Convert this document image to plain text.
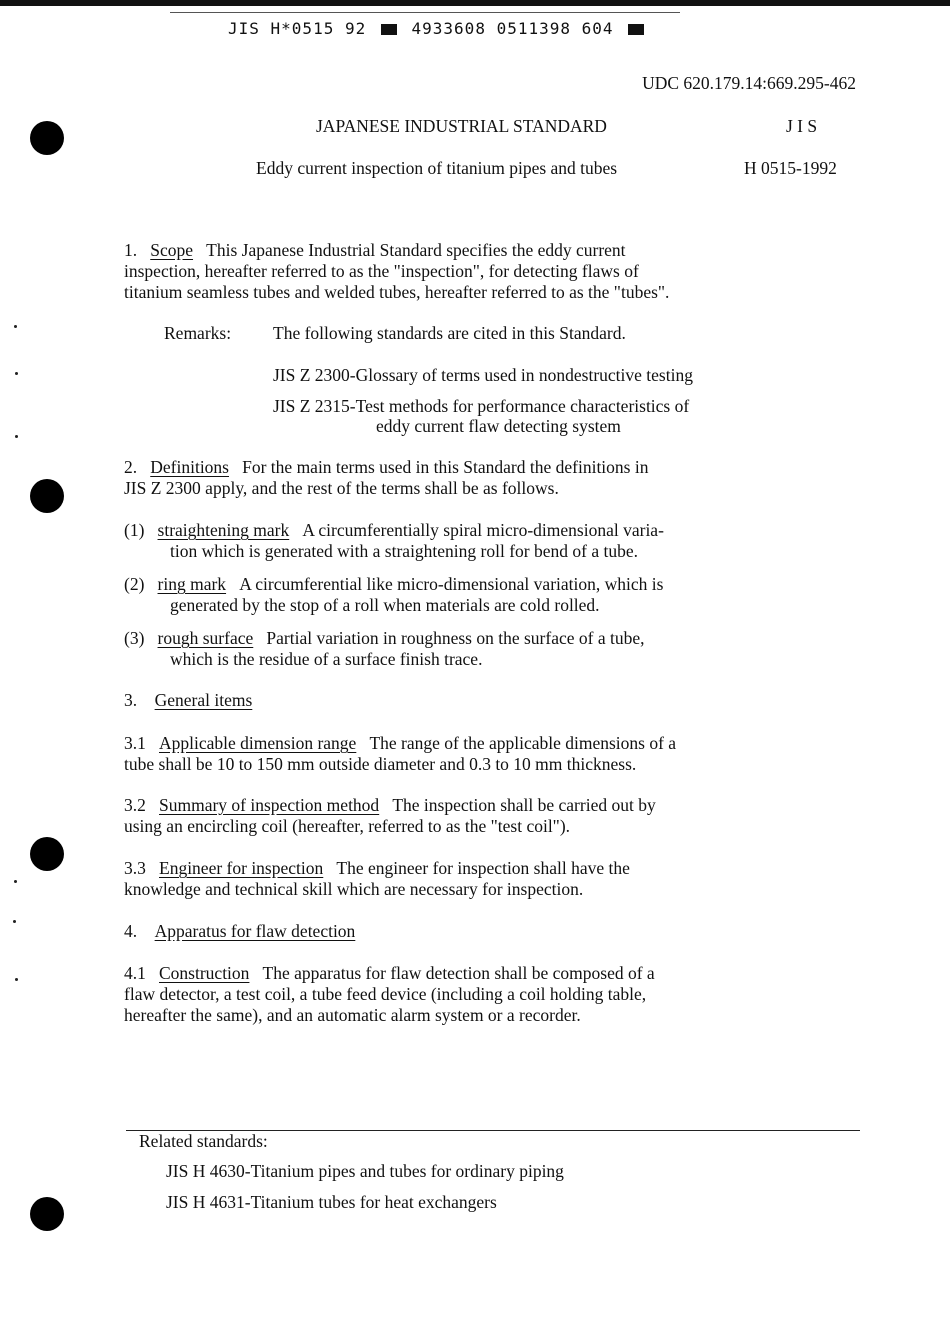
JIS H*0515 92	4933608 0511398 604
UDC 620.179.14:669.295-462
JAPANESE INDUSTRIAL STANDARD	J I S
Eddy current inspection of titanium pipes and tubes	H 0515-1992
1. Scope This Japanese Industrial Standard specifies the eddy current
inspection, hereafter referred to as the "inspection", for detecting flaws of
titanium seamless tubes and welded tubes, hereafter referred to as the "tubes".
Remarks: The following standards are cited in this Standard.
JIS Z 2300-Glossary of terms used in nondestructive testing
JIS Z 2315-Test methods for performance characteristics of
eddy current flaw detecting system
2. Definitions For the main terms used in this Standard the definitions in
JIS Z 2300 apply, and the rest of the terms shall be as follows.
(1) straightening mark A circumferentially spiral micro-dimensional varia-
tion which is generated with a straightening roll for bend of a tube.
(2) ring mark A circumferential like micro-dimensional variation, which is
generated by the stop of a roll when materials are cold rolled.
(3) rough surface Partial variation in roughness on the surface of a tube,
which is the residue of a surface finish trace.
3. General items
3.1 Applicable dimension range The range of the applicable dimensions of a
tube shall be 10 to 150 mm outside diameter and 0.3 to 10 mm thickness.
3.2 Summary of inspection method The inspection shall be carried out by
using an encircling coil (hereafter, referred to as the "test coil").
3.3 Engineer for inspection The engineer for inspection shall have the
knowledge and technical skill which are necessary for inspection.
4. Apparatus for flaw detection
4.1 Construction The apparatus for flaw detection shall be composed of a
flaw detector, a test coil, a tube feed device (including a coil holding table,
hereafter the same), and an automatic alarm system or a recorder.
Related standards:
JIS H 4630-Titanium pipes and tubes for ordinary piping
JIS H 4631-Titanium tubes for heat exchangers
